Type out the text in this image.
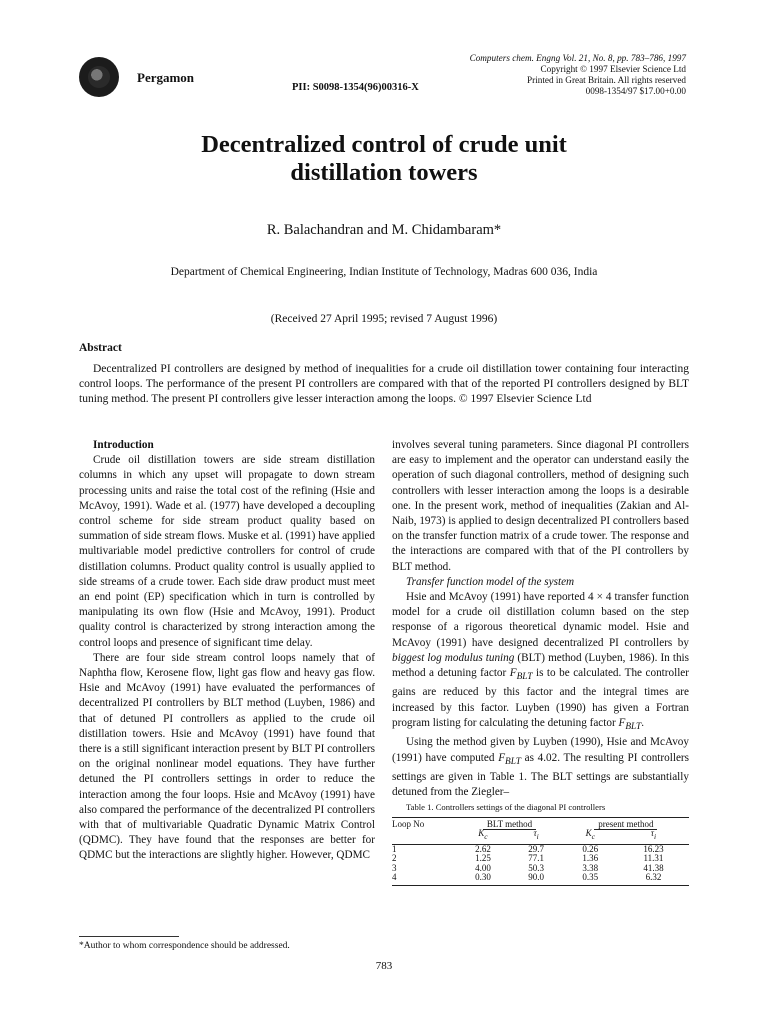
Pergamon
PII: S0098-1354(96)00316-X
Computers chem. Engng Vol. 21, No. 8, pp. 783–786, 1997
Copyright © 1997 Elsevier Science Ltd
Printed in Great Britain. All rights reserved
0098-1354/97 $17.00+0.00
Decentralized control of crude unit
distillation towers
R. Balachandran and M. Chidambaram*
Department of Chemical Engineering, Indian Institute of Technology, Madras 600 036, India
(Received 27 April 1995; revised 7 August 1996)
Abstract
Decentralized PI controllers are designed by method of inequalities for a crude oil distillation tower containing four interacting control loops. The performance of the present PI controllers are compared with that of the reported PI controllers designed by BLT tuning method. The present PI controllers give lesser interaction among the loops. © 1997 Elsevier Science Ltd

Introduction

Crude oil distillation towers are side stream distillation columns in which any upset will propagate to down stream processing units and raise the total cost of the refining (Hsie and McAvoy, 1991). Wade et al. (1977) have developed a decoupling control scheme for side stream product quality based on summation of side stream flows. Muske et al. (1991) have applied multivariable model predictive controllers for control of crude distillation columns. Product quality control is usually applied to side streams of a crude tower. Each side draw product must meet an end point (EP) specification which in turn is controlled by manipulating its own flow (Hsie and McAvoy, 1991). Product quality control is characterized by strong interaction among the control loops and presence of significant time delay.

There are four side stream control loops namely that of Naphtha flow, Kerosene flow, light gas flow and heavy gas flow. Hsie and McAvoy (1991) have evaluated the performances of decentralized PI controllers by BLT method (Luyben, 1986) and that of detuned PI controllers as applied to the crude oil distillation towers. Hsie and McAvoy (1991) have found that there is a still significant interaction present by BLT PI controllers on the original nonlinear model equations. They have further detuned the PI controllers settings in order to reduce the interaction among the four loops. Hsie and McAvoy (1991) have also compared the performance of the decentralized PI controllers with that of multivariable Quadratic Dynamic Matrix Control (QDMC). They have found that the responses are better for QDMC but the interactions are slightly higher. However, QDMC

involves several tuning parameters. Since diagonal PI controllers are easy to implement and the operator can understand easily the operation of such diagonal controllers, method of designing such controllers with lesser interaction among the loops is a desirable one. In the present work, method of inequalities (Zakian and Al-Naib, 1973) is applied to design decentralized PI controllers based on the transfer function matrix of a crude tower. The response and the interactions are compared with that of the PI controllers by BLT method.

Transfer function model of the system

Hsie and McAvoy (1991) have reported 4 × 4 transfer function model for a crude oil distillation column based on the step response of a rigorous theoretical dynamic model. Hsie and McAvoy (1991) have designed decentralized PI controllers by biggest log modulus tuning (BLT) method (Luyben, 1986). In this method a detuning factor $F_{BLT}$ is to be calculated. The controller gains are reduced by this factor and the integral times are increased by this factor. Luyben (1990) has given a Fortran program listing for calculating the detuning factor $F_{BLT}$.

Using the method given by Luyben (1990), Hsie and McAvoy (1991) have computed $F_{BLT}$ as 4.02. The resulting PI controllers settings are given in Table 1. The BLT settings are substantially detuned from the Ziegler–

Table 1. Controllers settings of the diagonal PI controllers

Loop No	BLT method		present method	
	$K_c$	$\tau_i$	$K_c$	$\tau_i$
1	2.62	29.7	0.26	16.23
2	1.25	77.1	1.36	11.31
3	4.00	50.3	3.38	41.38
4	0.30	90.0	0.35	6.32
*Author to whom correspondence should be addressed.
783
